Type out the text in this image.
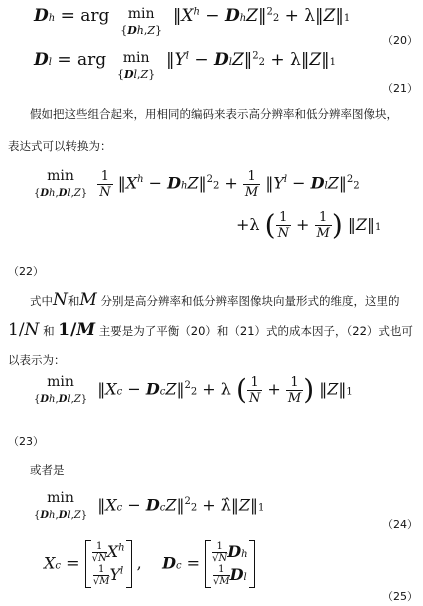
Dh = arg  min
{Dh,Z}  $‖X^h$ − DhZ‖$^2$2 + λ‖Z‖1
（20）
Dl = arg  min
{Dl,Z}  $‖Y^l$ − DlZ‖$^2$2 + λ‖Z‖1
（21）
假如把这些组合起来，用相同的编码来表示高分辨率和低分辨率图像块，
表达式可以转换为：
min
$\{Dh,Dl,Z\} \frac{1}{N}$ $‖X^h$ − DhZ‖$^2$2 + $\frac{1}{M}$ $‖Y^l$ − DlZ‖$^2$2
+λ ( $\frac{1}{N} + \frac{1}{M}$ ) ‖Z‖1
（22）
式中N和M 分别是高分辨率和低分辨率图像块向量形式的维度，这里的
1/N 和 1/M 主要是为了平衡（20）和（21）式的成本因子，（22）式也可
以表示为：
min
{Dh,Dl,Z}  ‖Xc − DcZ‖$^2$2 + λ ( $\frac{1}{N} + \frac{1}{M}$ ) ‖Z‖1
（23）
或者是
min
{Dh,Dl,Z}  ‖Xc − DcZ‖$^2$2 + λ̂‖Z‖1
（24）
$Xc = \frac{1}{√N}X^h$
$\frac{1}{√M}Y^l$ ,    $Dc = \frac{1}{√N}Dh$
$\frac{1}{√M}Dl$
（25）
